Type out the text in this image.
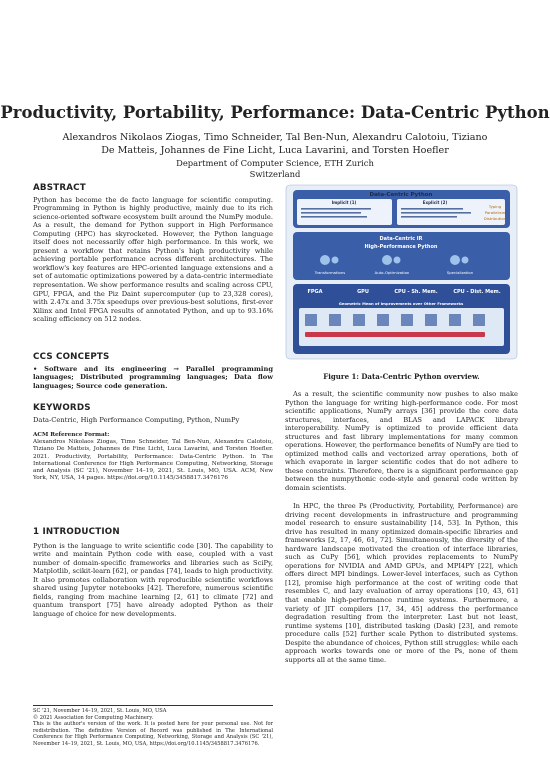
Productivity, Portability, Performance: Data-Centric Python
Alexandros Nikolaos Ziogas, Timo Schneider, Tal Ben-Nun, Alexandru Calotoiu, Tiziano De Matteis, Johannes de Fine Licht, Luca Lavarini, and Torsten Hoefler
Department of Computer Science, ETH Zurich
Switzerland
ABSTRACT

Python has become the de facto language for scientific computing. Programming in Python is highly productive, mainly due to its rich science-oriented software ecosystem built around the NumPy module. As a result, the demand for Python support in High Performance Computing (HPC) has skyrocketed. However, the Python language itself does not necessarily offer high performance. In this work, we present a workflow that retains Python's high productivity while achieving portable performance across different architectures. The workflow's key features are HPC-oriented language extensions and a set of automatic optimizations powered by a data-centric intermediate representation. We show performance results and scaling across CPU, GPU, FPGA, and the Piz Daint supercomputer (up to 23,328 cores), with 2.47x and 3.75x speedups over previous-best solutions, first-ever Xilinx and Intel FPGA results of annotated Python, and up to 93.16% scaling efficiency on 512 nodes.

CCS CONCEPTS

• Software and its engineering → Parallel programming languages; Distributed programming languages; Data flow languages; Source code generation.

KEYWORDS

Data-Centric, High Performance Computing, Python, NumPy

ACM Reference Format:

Alexandros Nikolaos Ziogas, Timo Schneider, Tal Ben-Nun, Alexandru Calotoiu, Tiziano De Matteis, Johannes de Fine Licht, Luca Lavarini, and Torsten Hoefler. 2021. Productivity, Portability, Performance: Data-Centric Python. In The International Conference for High Performance Computing, Networking, Storage and Analysis (SC '21), November 14–19, 2021, St. Louis, MO, USA. ACM, New York, NY, USA, 14 pages. https://doi.org/10.1145/3458817.3476176

1 INTRODUCTION

Python is the language to write scientific code [30]. The capability to write and maintain Python code with ease, coupled with a vast number of domain-specific frameworks and libraries such as SciPy, Matplotlib, scikit-learn [62], or pandas [74], leads to high productivity. It also promotes collaboration with reproducible scientific workflows shared using Jupyter notebooks [42]. Therefore, numerous scientific fields, ranging from machine learning [2, 61] to climate [72] and quantum transport [75] have already adopted Python as their language of choice for new developments.

SC '21, November 14–19, 2021, St. Louis, MO, USA
© 2021 Association for Computing Machinery.
This is the author's version of the work. It is posted here for your personal use. Not for redistribution. The definitive Version of Record was published in The International Conference for High Performance Computing, Networking, Storage and Analysis (SC '21), November 14–19, 2021, St. Louis, MO, USA, https://doi.org/10.1145/3458817.3476176.
Data-Centric Python
Implicit (1)	Explicit (2)
Typing
Parallelism
Distribution
Data-Centric IR
High-Performance Python
Transformations	Auto-Optimization	Specialization
FPGA	GPU	CPU - Sh. Mem.	CPU - Dist. Mem.
Geometric Mean of Improvements over Other Frameworks
Figure 1: Data-Centric Python overview.
As a result, the scientific community now pushes to also make Python the language for writing high-performance code. For most scientific applications, NumPy arrays [36] provide the core data structures, interfaces, and BLAS and LAPACK library interoperability. NumPy is optimized to provide efficient data structures and fast library implementations for many common operations. However, the performance benefits of NumPy are tied to optimized method calls and vectorized array operations, both of which evaporate in larger scientific codes that do not adhere to these constraints. Therefore, there is a significant performance gap between the numpythonic code-style and general code written by domain scientists.
In HPC, the three Ps (Productivity, Portability, Performance) are driving recent developments in infrastructure and programming model research to ensure sustainability [14, 53]. In Python, this drive has resulted in many optimized domain-specific libraries and frameworks [2, 17, 46, 61, 72]. Simultaneously, the diversity of the hardware landscape motivated the creation of interface libraries, such as CuPy [56], which provides replacements to NumPy operations for NVIDIA and AMD GPUs, and MPI4PY [22], which offers direct MPI bindings. Lower-level interfaces, such as Cython [12], promise high performance at the cost of writing code that resembles C, and lazy evaluation of array operations [10, 43, 61] that enable high-performance runtime systems. Furthermore, a variety of JIT compilers [17, 34, 45] address the performance degradation resulting from the interpreter. Last but not least, runtime systems [10], distributed tasking (Dask) [23], and remote procedure calls [52] further scale Python to distributed systems. Despite the abundance of choices, Python still struggles: while each approach works towards one or more of the Ps, none of them supports all at the same time.
